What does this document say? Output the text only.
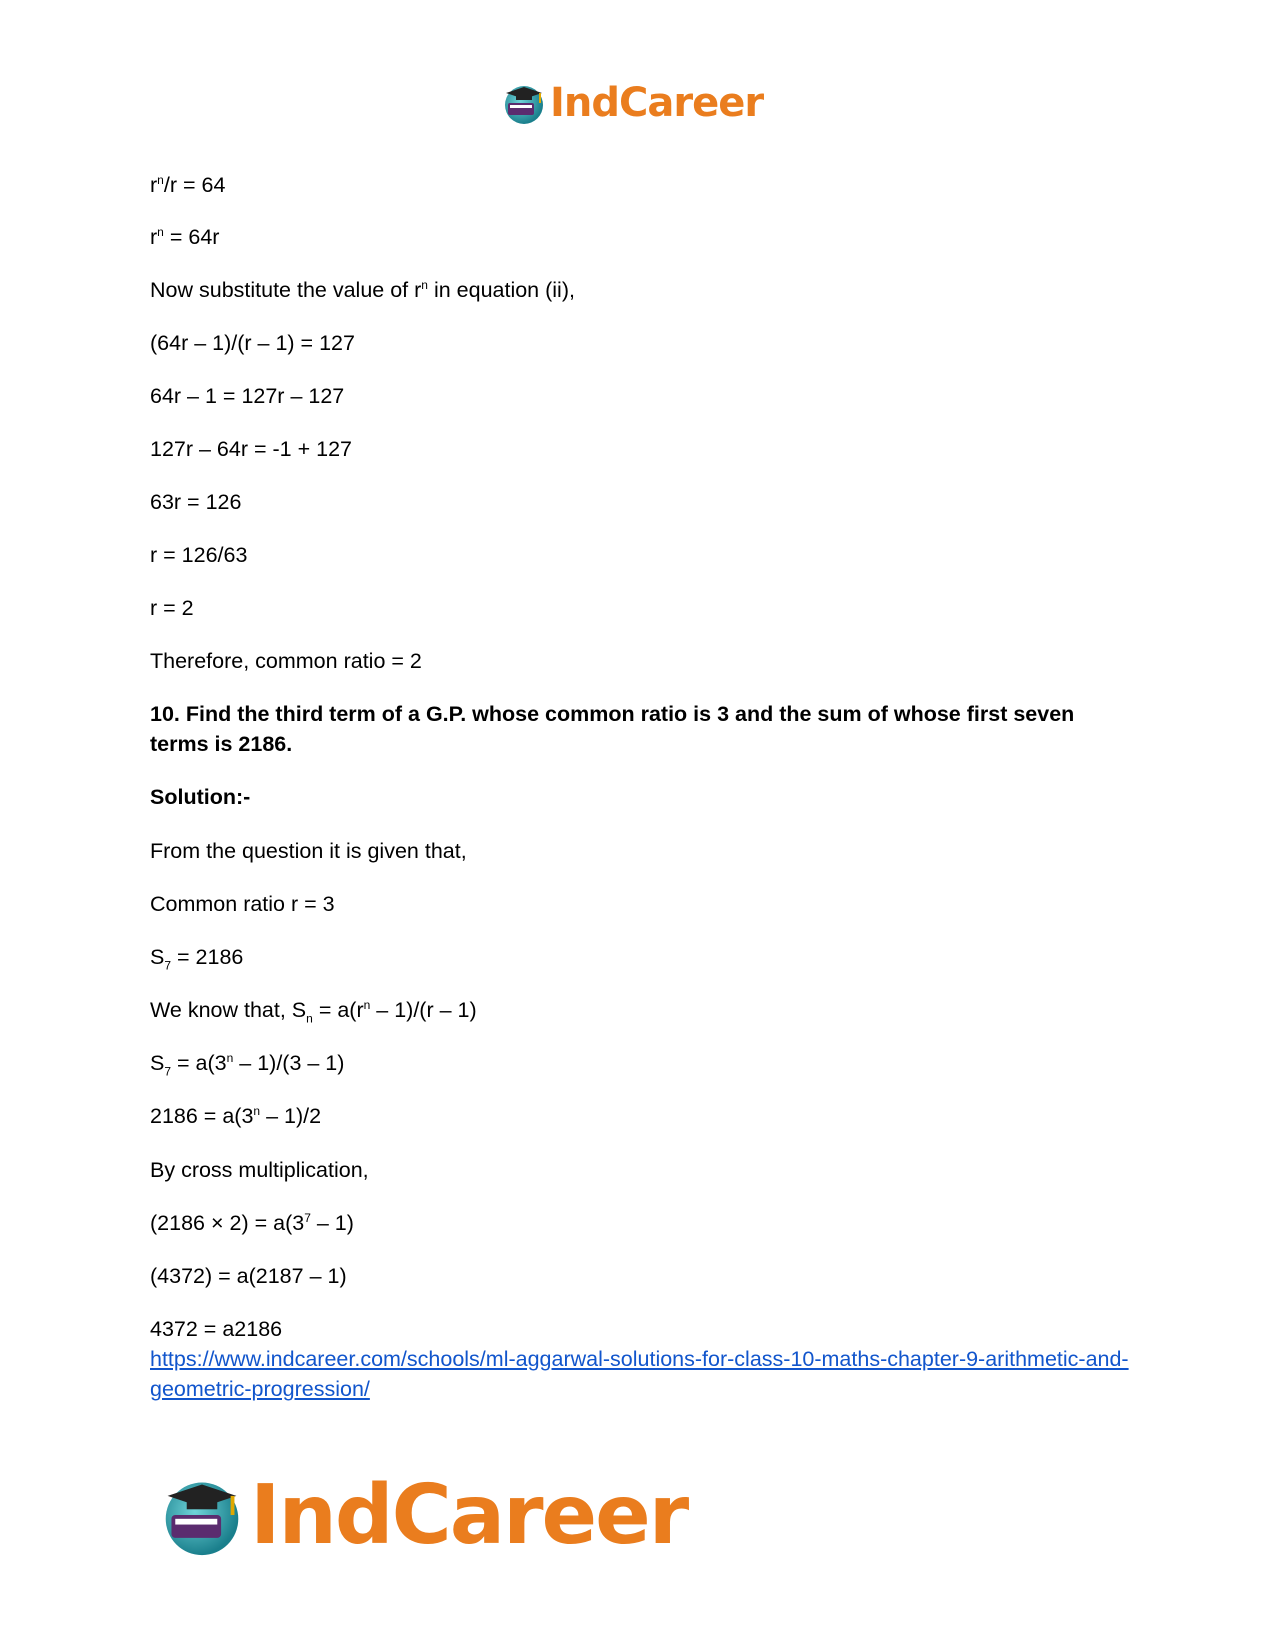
IndCareer
$r^n/r = 64$
$r^n = 64r$
Now substitute the value of $r^n$ in equation (ii),
(64r – 1)/(r – 1) = 127
64r – 1 = 127r – 127
127r – 64r = -1 + 127
63r = 126
r = 126/63
r = 2
Therefore, common ratio = 2
10. Find the third term of a G.P. whose common ratio is 3 and the sum of whose first seven terms is 2186.
Solution:-
From the question it is given that,
Common ratio r = 3
$S_7 = 2186$
We know that, $S_n = a(r^n - 1)/(r - 1)$
$S_7 = a(3^n - 1)/(3 - 1)$
$2186 = a(3^n - 1)/2$
By cross multiplication,
$(2186 \times 2) = a(3^7 - 1)$
(4372) = a(2187 – 1)
4372 = a2186
https://www.indcareer.com/schools/ml-aggarwal-solutions-for-class-10-maths-chapter-9-arithmetic-and-geometric-progression/
IndCareer
